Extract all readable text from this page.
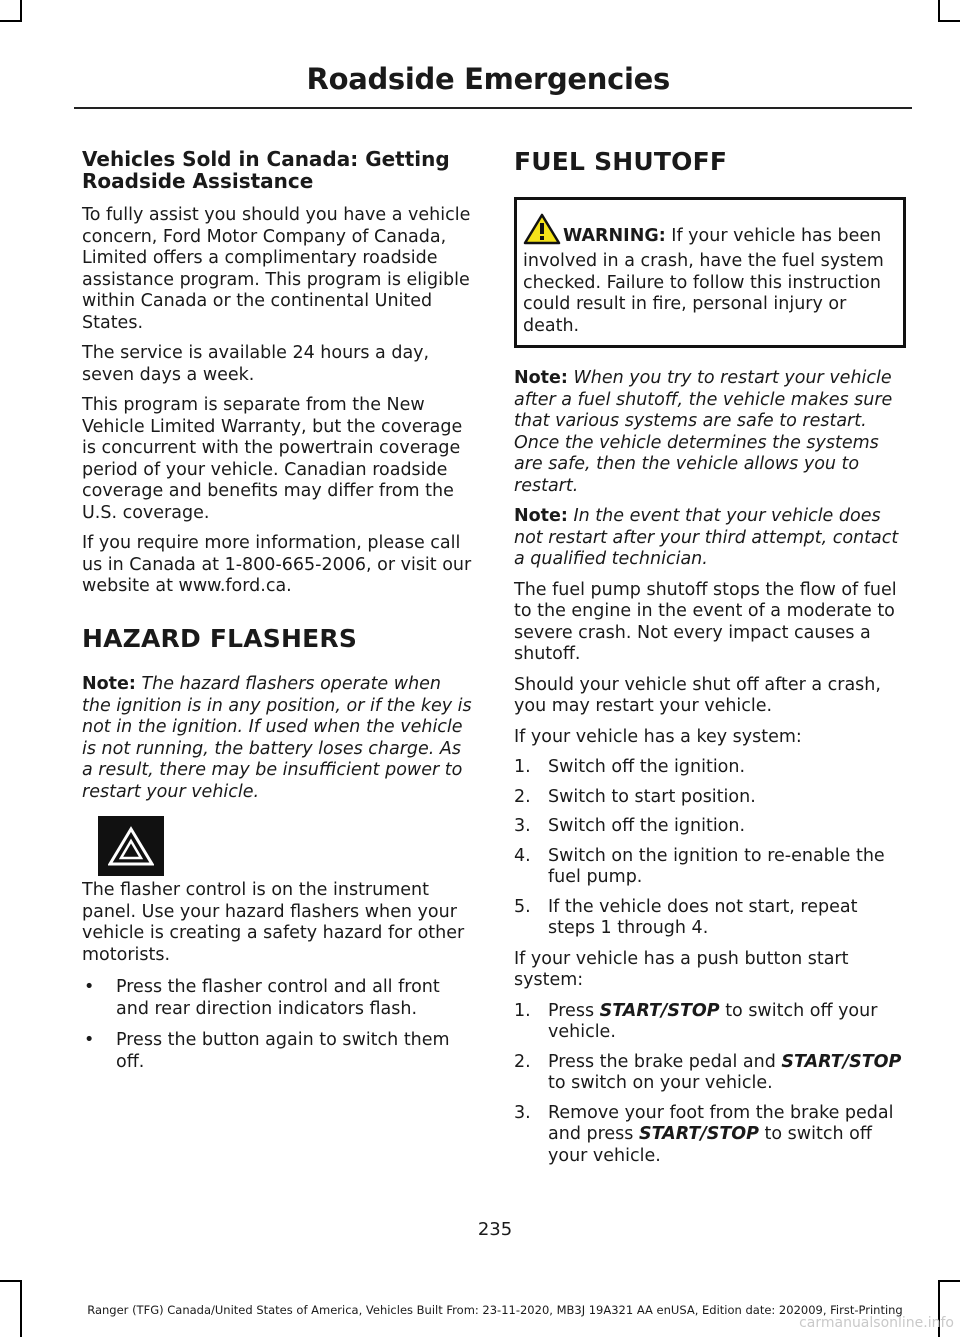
Roadside Emergencies
Vehicles Sold in Canada: Getting Roadside Assistance

To fully assist you should you have a vehicle concern, Ford Motor Company of Canada, Limited offers a complimentary roadside assistance program. This program is eligible within Canada or the continental United States.

The service is available 24 hours a day, seven days a week.

This program is separate from the New Vehicle Limited Warranty, but the coverage is concurrent with the powertrain coverage period of your vehicle. Canadian roadside coverage and benefits may differ from the U.S. coverage.

If you require more information, please call us in Canada at 1-800-665-2006, or visit our website at www.ford.ca.

HAZARD FLASHERS

Note: The hazard flashers operate when the ignition is in any position, or if the key is not in the ignition. If used when the vehicle is not running, the battery loses charge. As a result, there may be insufficient power to restart your vehicle.

The flasher control is on the instrument panel. Use your hazard flashers when your vehicle is creating a safety hazard for other motorists.
• Press the flasher control and all front and rear direction indicators flash.
• Press the button again to switch them off.
FUEL SHUTOFF
WARNING: If your vehicle has been involved in a crash, have the fuel system checked. Failure to follow this instruction could result in fire, personal injury or death.

Note: When you try to restart your vehicle after a fuel shutoff, the vehicle makes sure that various systems are safe to restart. Once the vehicle determines the systems are safe, then the vehicle allows you to restart.

Note: In the event that your vehicle does not restart after your third attempt, contact a qualified technician.

The fuel pump shutoff stops the flow of fuel to the engine in the event of a moderate to severe crash. Not every impact causes a shutoff.

Should your vehicle shut off after a crash, you may restart your vehicle.

If your vehicle has a key system:

1. Switch off the ignition.
2. Switch to start position.
3. Switch off the ignition.
4. Switch on the ignition to re-enable the fuel pump.
5. If the vehicle does not start, repeat steps 1 through 4.

If your vehicle has a push button start system:

1. Press START/STOP to switch off your vehicle.
2. Press the brake pedal and START/STOP to switch on your vehicle.
3. Remove your foot from the brake pedal and press START/STOP to switch off your vehicle.
235
Ranger (TFG) Canada/United States of America, Vehicles Built From: 23-11-2020, MB3J 19A321 AA enUSA, Edition date: 202009, First-Printing
carmanualsonline.info
